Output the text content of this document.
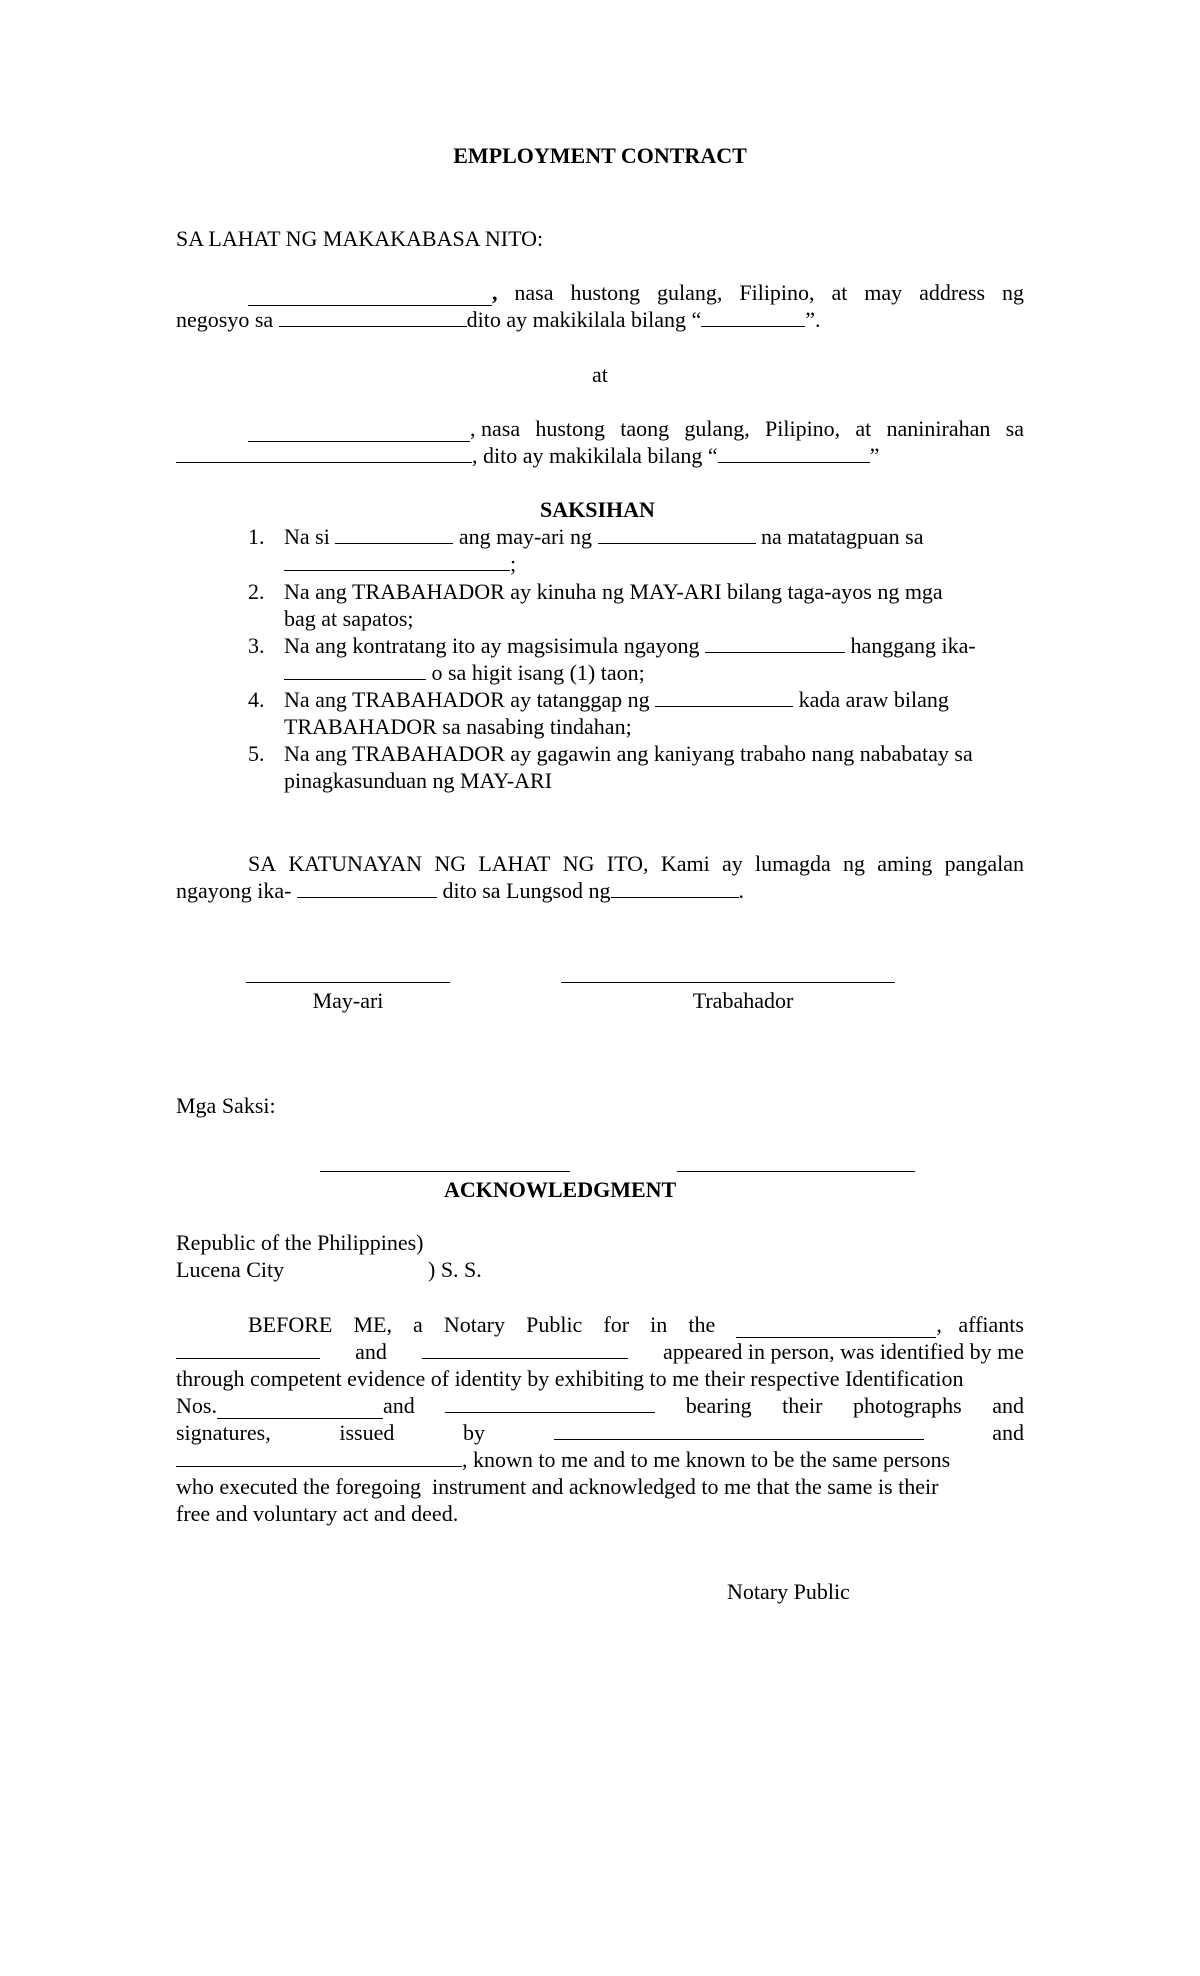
EMPLOYMENT CONTRACT
SA LAHAT NG MAKAKABASA NITO:
, nasa hustong gulang, Filipino, at may address ng
negosyo sa	dito ay makikilala bilang “	”.
at
, nasa hustong taong gulang, Pilipino, at naninirahan sa
, dito ay makikilala bilang “	”
SAKSIHAN
1. Na si	ang may-ari ng	na matatagpuan sa
;
2. Na ang TRABAHADOR ay kinuha ng MAY-ARI bilang taga-ayos ng mga
bag at sapatos;
3. Na ang kontratang ito ay magsisimula ngayong	hanggang ika-
o sa higit isang (1) taon;
4. Na ang TRABAHADOR ay tatanggap ng	kada araw bilang
TRABAHADOR sa nasabing tindahan;
5. Na ang TRABAHADOR ay gagawin ang kaniyang trabaho nang nababatay sa
pinagkasunduan ng MAY-ARI
SA KATUNAYAN NG LAHAT NG ITO, Kami ay lumagda ng aming pangalan
ngayong ika-	dito sa Lungsod ng	.
May-ari	Trabahador
Mga Saksi:
ACKNOWLEDGMENT
Republic of the Philippines)
Lucena City	) S. S.
BEFORE ME, a Notary Public for in the	,   affiants
and	appeared in person, was identified by me
through competent evidence of identity by exhibiting to me their respective Identification
Nos.	and	bearing their photographs and
signatures,	issued	by	and
, known to me and to me known to be the same persons
who executed the foregoing  instrument and acknowledged to me that the same is their
free and voluntary act and deed.
Notary Public
